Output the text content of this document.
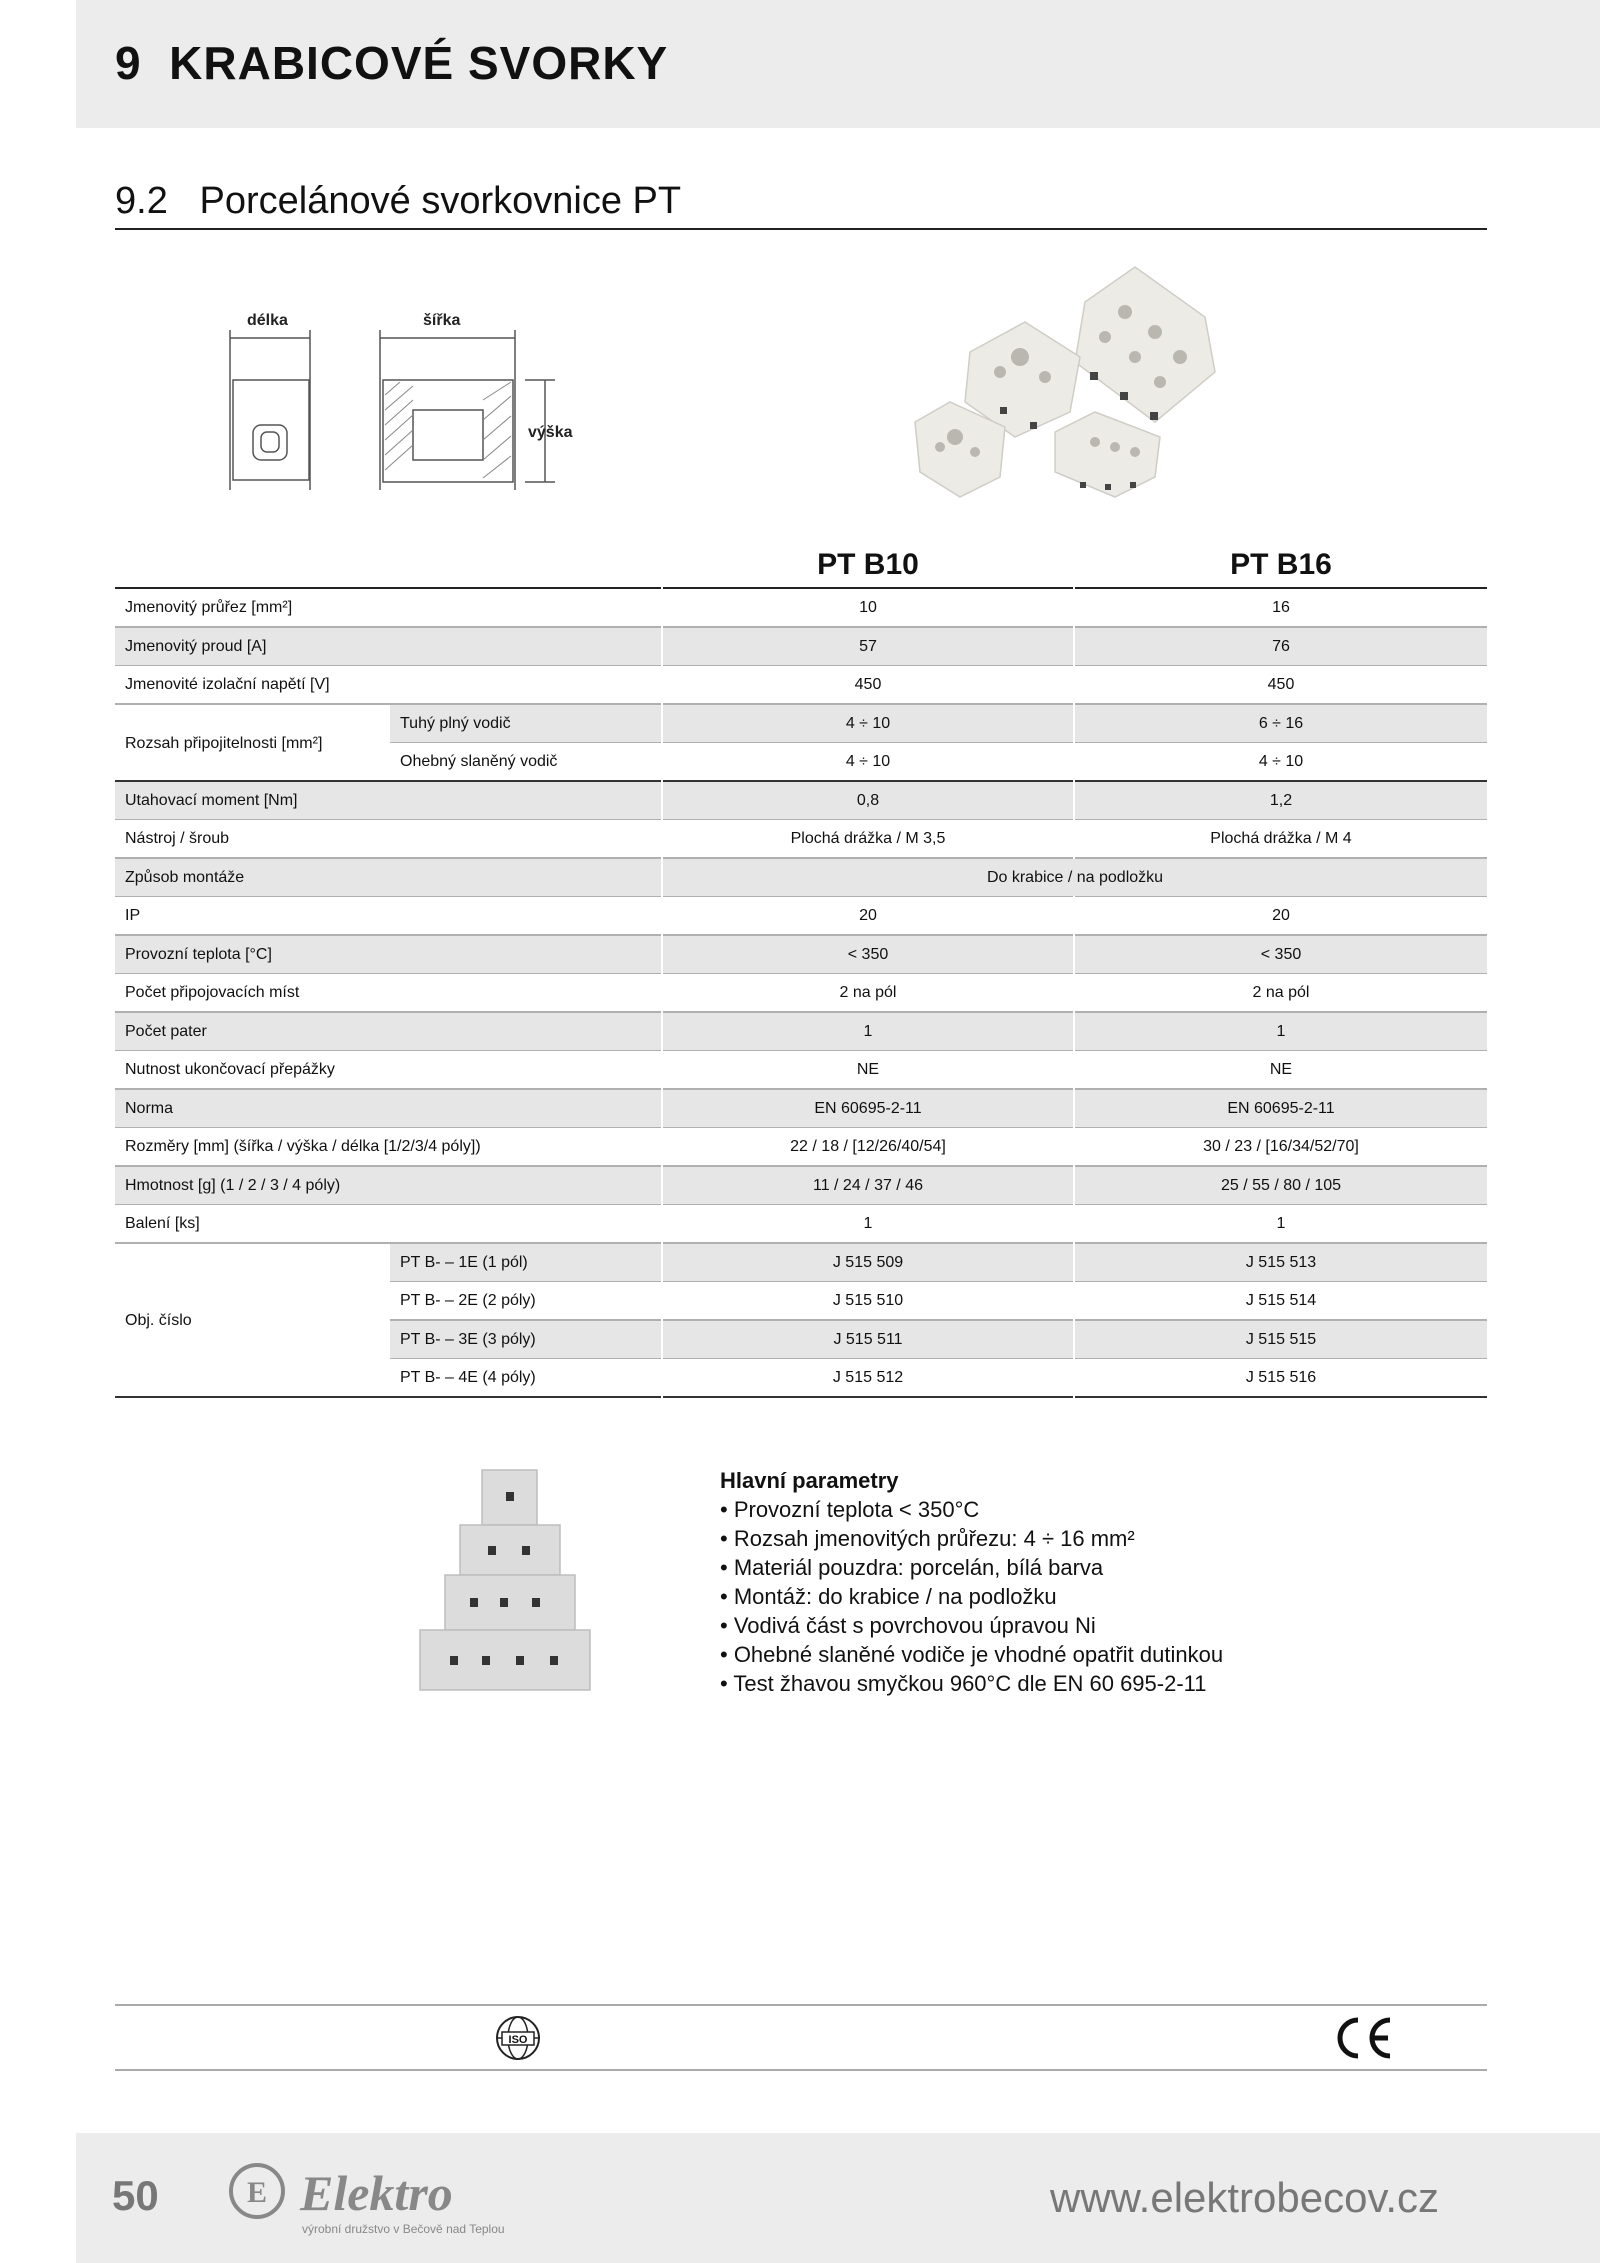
9 KRABICOVÉ SVORKY
9.2 Porcelánové svorkovnice PT
délka	šířka
výška
PT B10	PT B16
Jmenovitý průřez [mm²]	10	16
Jmenovitý proud [A]	57	76
Jmenovité izolační napětí [V]	450	450
Tuhý plný vodič	4 ÷ 10	6 ÷ 16
Rozsah připojitelnosti [mm²]
Ohebný slaněný vodič	4 ÷ 10	4 ÷ 10
Utahovací moment [Nm]	0,8	1,2
Nástroj / šroub	Plochá drážka / M 3,5	Plochá drážka / M 4
Způsob montáže	Do krabice / na podložku
IP	20	20
Provozní teplota [°C]	< 350	< 350
Počet připojovacích míst	2 na pól	2 na pól
Počet pater	1	1
Nutnost ukončovací přepážky	NE	NE
Norma	EN 60695-2-11	EN 60695-2-11
Rozměry [mm] (šířka / výška / délka [1/2/3/4 póly])	22 / 18 / [12/26/40/54]	30 / 23 / [16/34/52/70]
Hmotnost [g] (1 / 2 / 3 / 4 póly)	11 / 24 / 37 / 46	25 / 55 / 80 / 105
Balení [ks]	1	1
PT B- – 1E (1 pól)	J 515 509	J 515 513
Obj. číslo
PT B- – 2E (2 póly)	J 515 510	J 515 514
PT B- – 3E (3 póly)	J 515 511	J 515 515
PT B- – 4E (4 póly)	J 515 512	J 515 516
Hlavní parametry
• Provozní teplota < 350°C
• Rozsah jmenovitých průřezu: 4 ÷ 16 mm²
• Materiál pouzdra: porcelán, bílá barva
• Montáž: do krabice / na podložku
• Vodivá část s povrchovou úpravou Ni
• Ohebné slaněné vodiče je vhodné opatřit dutinkou
• Test žhavou smyčkou 960°C dle EN 60 695-2-11
ISO
50	E Elektro
výrobní družstvo v Bečově nad Teplou
www.elektrobecov.cz
